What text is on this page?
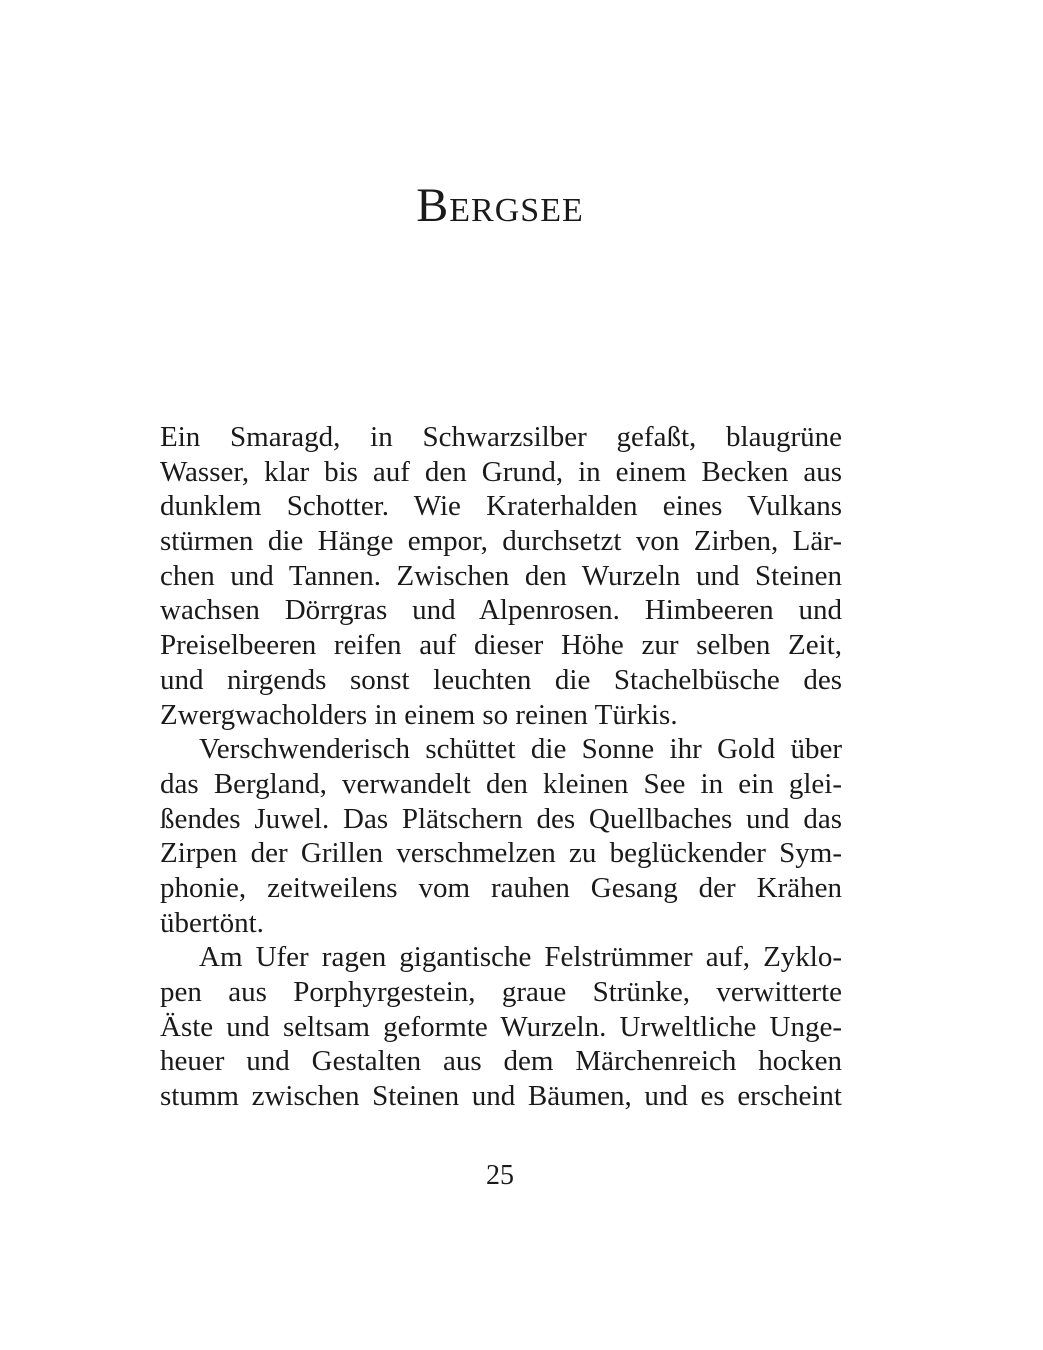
Bergsee
Ein Smaragd, in Schwarzsilber gefaßt, blaugrüne
Wasser, klar bis auf den Grund, in einem Becken aus
dunklem Schotter. Wie Kraterhalden eines Vulkans
stürmen die Hänge empor, durchsetzt von Zirben, Lär-
chen und Tannen. Zwischen den Wurzeln und Steinen
wachsen Dörrgras und Alpenrosen. Himbeeren und
Preiselbeeren reifen auf dieser Höhe zur selben Zeit,
und nirgends sonst leuchten die Stachelbüsche des
Zwergwacholders in einem so reinen Türkis.
Verschwenderisch schüttet die Sonne ihr Gold über
das Bergland, verwandelt den kleinen See in ein glei-
ßendes Juwel. Das Plätschern des Quellbaches und das
Zirpen der Grillen verschmelzen zu beglückender Sym-
phonie, zeitweilens vom rauhen Gesang der Krähen
übertönt.
Am Ufer ragen gigantische Felstrümmer auf, Zyklo-
pen aus Porphyrgestein, graue Strünke, verwitterte
Äste und seltsam geformte Wurzeln. Urweltliche Unge-
heuer und Gestalten aus dem Märchenreich hocken
stumm zwischen Steinen und Bäumen, und es erscheint
25
